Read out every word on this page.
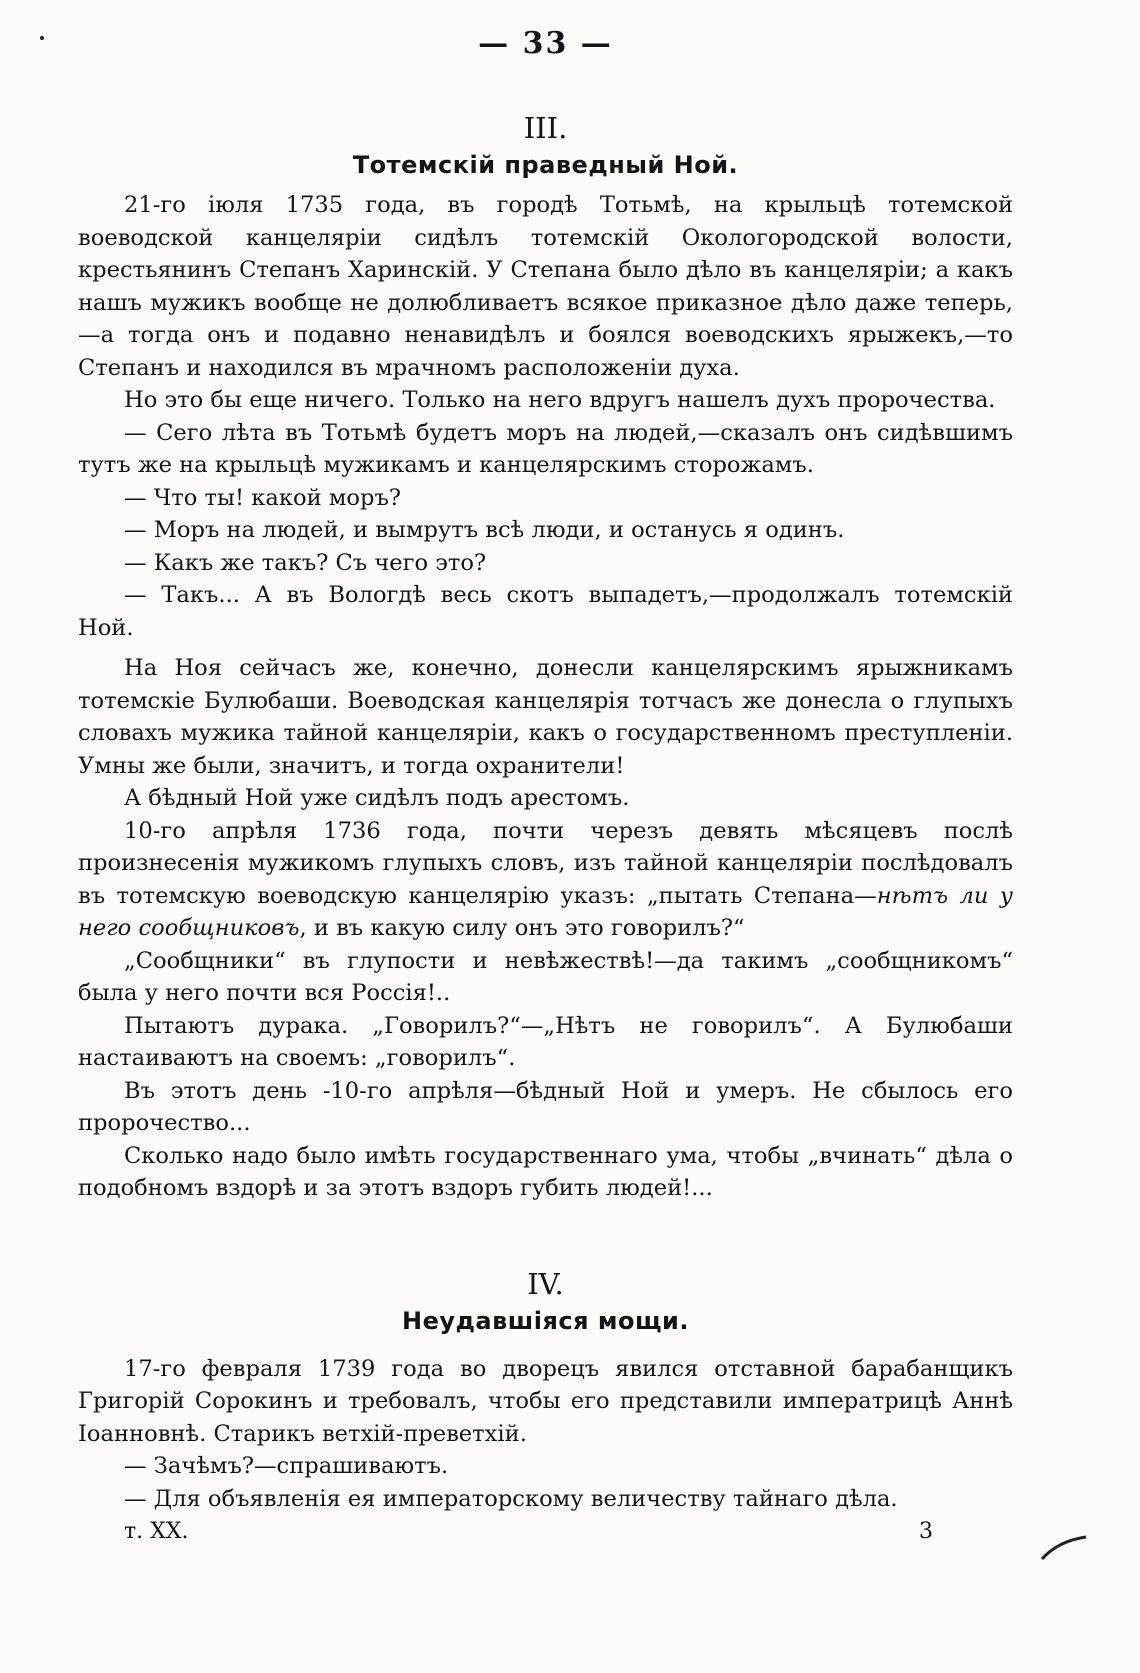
— 33 —
III.
Тотемскій праведный Ной.

21-го іюля 1735 года, въ городѣ Тотьмѣ, на крыльцѣ тотемской воеводской канцеляріи сидѣлъ тотемскій Окологородской волости, крестьянинъ Степанъ Харинскій. У Степана было дѣло въ канцеляріи; а какъ нашъ мужикъ вообще не долюбливаетъ всякое приказное дѣло даже теперь,—а тогда онъ и подавно ненавидѣлъ и боялся воеводскихъ ярыжекъ,—то Степанъ и находился въ мрачномъ расположеніи духа.

Но это бы еще ничего. Только на него вдругъ нашелъ духъ пророчества.

— Сего лѣта въ Тотьмѣ будетъ моръ на людей,—сказалъ онъ сидѣвшимъ тутъ же на крыльцѣ мужикамъ и канцелярскимъ сторожамъ.

— Что ты! какой моръ?

— Моръ на людей, и вымрутъ всѣ люди, и останусь я одинъ.

— Какъ же такъ? Съ чего это?

— Такъ... А въ Вологдѣ весь скотъ выпадетъ,—продолжалъ тотемскій Ной.

На Ноя сейчасъ же, конечно, донесли канцелярскимъ ярыжникамъ тотемскіе Булюбаши. Воеводская канцелярія тотчасъ же донесла о глупыхъ словахъ мужика тайной канцеляріи, какъ о государственномъ преступленіи. Умны же были, значитъ, и тогда охранители!

А бѣдный Ной уже сидѣлъ подъ арестомъ.

10-го апрѣля 1736 года, почти черезъ девять мѣсяцевъ послѣ произнесенія мужикомъ глупыхъ словъ, изъ тайной канцеляріи послѣдовалъ въ тотемскую воеводскую канцелярію указъ: „пытать Степана—нѣтъ ли у него сообщниковъ, и въ какую силу онъ это говорилъ?“

„Сообщники“ въ глупости и невѣжествѣ!—да такимъ „сообщникомъ“ была у него почти вся Россія!..

Пытаютъ дурака. „Говорилъ?“—„Нѣтъ не говорилъ“. А Булюбаши настаиваютъ на своемъ: „говорилъ“.

Въ этотъ день -10-го апрѣля—бѣдный Ной и умеръ. Не сбылось его пророчество...

Сколько надо было имѣть государственнаго ума, чтобы „вчинать“ дѣла о подобномъ вздорѣ и за этотъ вздоръ губить людей!...

IV.
Неудавшіяся мощи.

17-го февраля 1739 года во дворецъ явился отставной барабанщикъ Григорій Сорокинъ и требовалъ, чтобы его представили императрицѣ Аннѣ Іоанновнѣ. Старикъ ветхій-преветхій.

— Зачѣмъ?—спрашиваютъ.

— Для объявленія ея императорскому величеству тайнаго дѣла.

т. XX.	3
